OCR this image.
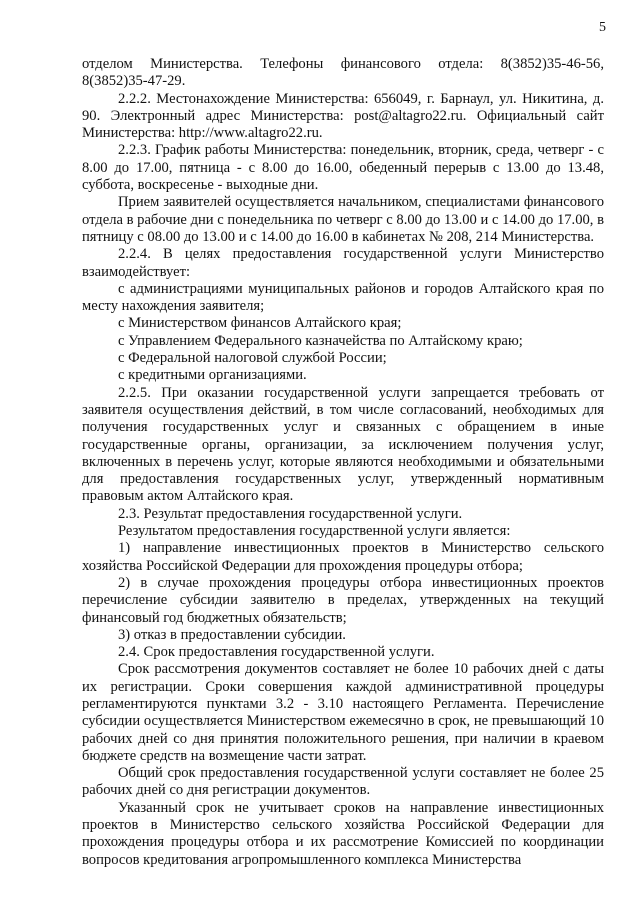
5

отделом Министерства. Телефоны финансового отдела: 8(3852)35-46-56, 8(3852)35-47-29.

2.2.2. Местонахождение Министерства: 656049, г. Барнаул, ул. Никитина, д. 90. Электронный адрес Министерства: post@altagro22.ru. Официальный сайт Министерства: http://www.altagro22.ru.

2.2.3. График работы Министерства: понедельник, вторник, среда, четверг - с 8.00 до 17.00, пятница - с 8.00 до 16.00, обеденный перерыв с 13.00 до 13.48, суббота, воскресенье - выходные дни.

Прием заявителей осуществляется начальником, специалистами финансового отдела в рабочие дни с понедельника по четверг с 8.00 до 13.00 и с 14.00 до 17.00, в пятницу с 08.00 до 13.00 и с 14.00 до 16.00 в кабинетах № 208, 214 Министерства.

2.2.4. В целях предоставления государственной услуги Министерство взаимодействует:

с администрациями муниципальных районов и городов Алтайского края по месту нахождения заявителя;

с Министерством финансов Алтайского края;

с Управлением Федерального казначейства по Алтайскому краю;

с Федеральной налоговой службой России;

с кредитными организациями.

2.2.5. При оказании государственной услуги запрещается требовать от заявителя осуществления действий, в том числе согласований, необходимых для получения государственных услуг и связанных с обращением в иные государственные органы, организации, за исключением получения услуг, включенных в перечень услуг, которые являются необходимыми и обязательными для предоставления государственных услуг, утвержденный нормативным правовым актом Алтайского края.

2.3. Результат предоставления государственной услуги.

Результатом предоставления государственной услуги является:

1) направление инвестиционных проектов в Министерство сельского хозяйства Российской Федерации для прохождения процедуры отбора;

2) в случае прохождения процедуры отбора инвестиционных проектов перечисление субсидии заявителю в пределах, утвержденных на текущий финансовый год бюджетных обязательств;

3) отказ в предоставлении субсидии.

2.4. Срок предоставления государственной услуги.

Срок рассмотрения документов составляет не более 10 рабочих дней с даты их регистрации. Сроки совершения каждой административной процедуры регламентируются пунктами 3.2 - 3.10 настоящего Регламента. Перечисление субсидии осуществляется Министерством ежемесячно в срок, не превышающий 10 рабочих дней со дня принятия положительного решения, при наличии в краевом бюджете средств на возмещение части затрат.

Общий срок предоставления государственной услуги составляет не более 25 рабочих дней со дня регистрации документов.

Указанный срок не учитывает сроков на направление инвестиционных проектов в Министерство сельского хозяйства Российской Федерации для прохождения процедуры отбора и их рассмотрение Комиссией по координации вопросов кредитования агропромышленного комплекса Министерства
